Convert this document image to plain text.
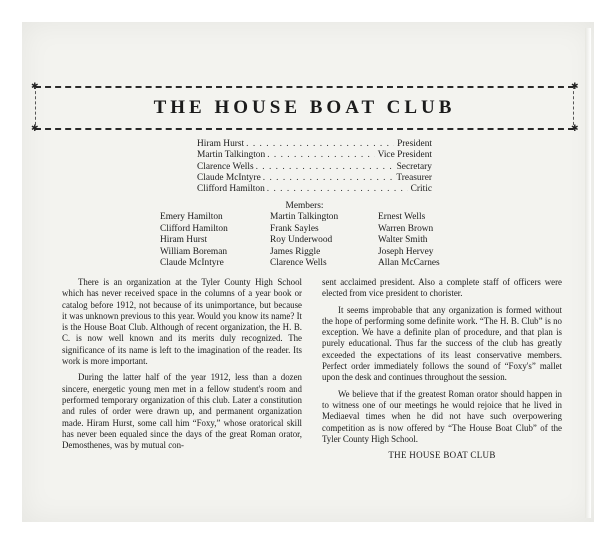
✱	✱
✱	✱
THE HOUSE BOAT CLUB
Hiram Hurst . . .	President
Martin Talkington . . .	Vice President
Clarence Wells . . .	Secretary
Claude McIntyre . . .	Treasurer
Clifford Hamilton . . .	Critic
Members:
Emery Hamilton
Clifford Hamilton
Hiram Hurst
William Boreman
Claude McIntyre
Martin Talkington
Frank Sayles
Roy Underwood
James Riggle
Clarence Wells
Ernest Wells
Warren Brown
Walter Smith
Joseph Hervey
Allan McCarnes

There is an organization at the Tyler County High School which has never received space in the columns of a year book or catalog before 1912, not because of its unimportance, but because it was unknown previous to this year. Would you know its name? It is the House Boat Club. Although of recent organization, the H. B. C. is now well known and its merits duly recognized. The significance of its name is left to the imagination of the reader. Its work is more important.

During the latter half of the year 1912, less than a dozen sincere, energetic young men met in a fellow student's room and performed temporary organization of this club. Later a constitution and rules of order were drawn up, and permanent organization made. Hiram Hurst, some call him “Foxy,” whose oratorical skill has never been equaled since the days of the great Roman orator, Demosthenes, was by mutual con-

sent acclaimed president. Also a complete staff of officers were elected from vice president to chorister.

It seems improbable that any organization is formed without the hope of performing some definite work. “The H. B. Club” is no exception. We have a definite plan of procedure, and that plan is purely educational. Thus far the success of the club has greatly exceeded the expectations of its least conservative members. Perfect order immediately follows the sound of “Foxy's” mallet upon the desk and continues throughout the session.

We believe that if the greatest Roman orator should happen in to witness one of our meetings he would rejoice that he lived in Mediaeval times when he did not have such overpowering competition as is now offered by “The House Boat Club” of the Tyler County High School.

THE HOUSE BOAT CLUB
